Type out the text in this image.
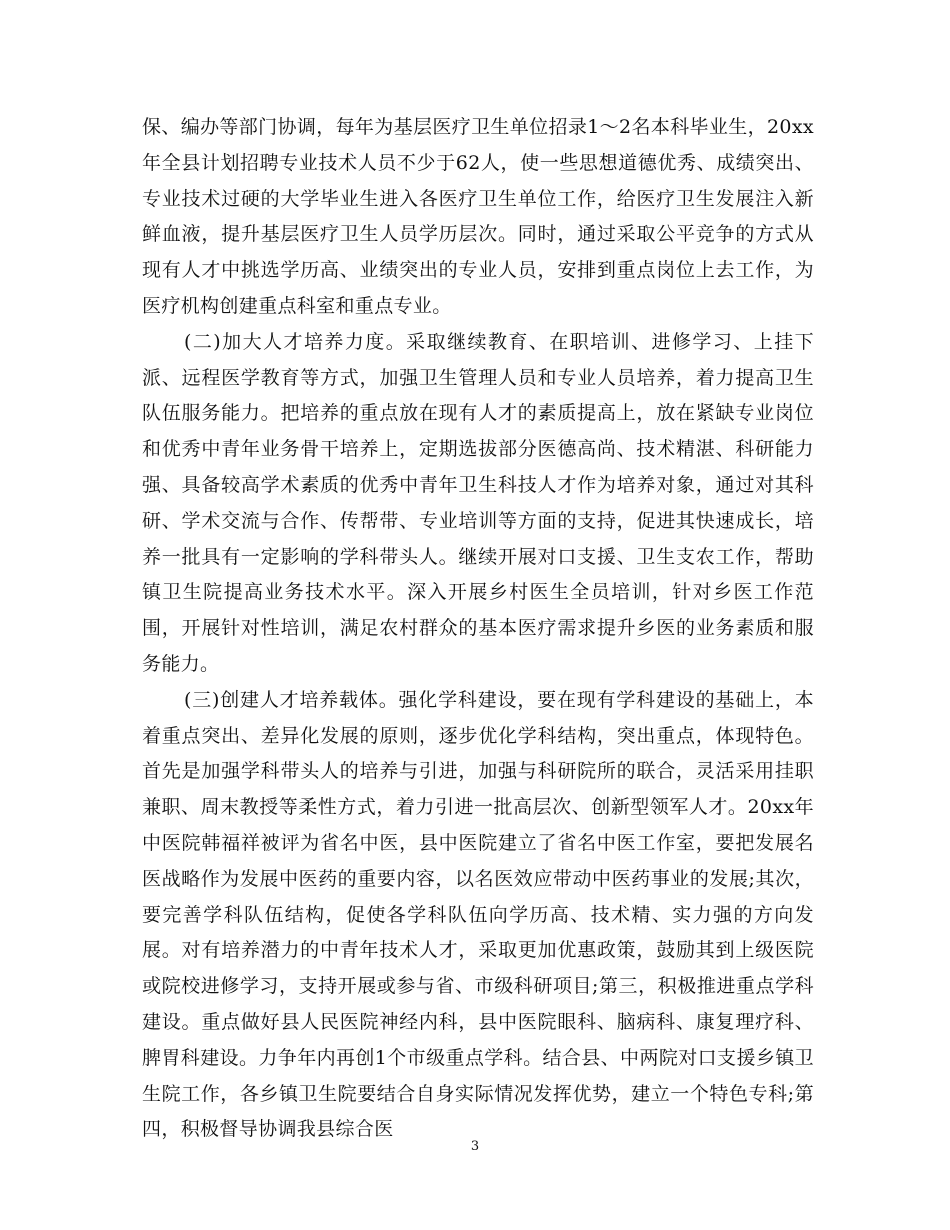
保、编办等部门协调，每年为基层医疗卫生单位招录1～2名本科毕业生，20xx年全县计划招聘专业技术人员不少于62人，使一些思想道德优秀、成绩突出、专业技术过硬的大学毕业生进入各医疗卫生单位工作，给医疗卫生发展注入新鲜血液，提升基层医疗卫生人员学历层次。同时，通过采取公平竞争的方式从现有人才中挑选学历高、业绩突出的专业人员，安排到重点岗位上去工作，为医疗机构创建重点科室和重点专业。

(二)加大人才培养力度。采取继续教育、在职培训、进修学习、上挂下派、远程医学教育等方式，加强卫生管理人员和专业人员培养，着力提高卫生队伍服务能力。把培养的重点放在现有人才的素质提高上，放在紧缺专业岗位和优秀中青年业务骨干培养上，定期选拔部分医德高尚、技术精湛、科研能力强、具备较高学术素质的优秀中青年卫生科技人才作为培养对象，通过对其科研、学术交流与合作、传帮带、专业培训等方面的支持，促进其快速成长，培养一批具有一定影响的学科带头人。继续开展对口支援、卫生支农工作，帮助镇卫生院提高业务技术水平。深入开展乡村医生全员培训，针对乡医工作范围，开展针对性培训，满足农村群众的基本医疗需求提升乡医的业务素质和服务能力。

(三)创建人才培养载体。强化学科建设，要在现有学科建设的基础上，本着重点突出、差异化发展的原则，逐步优化学科结构，突出重点，体现特色。首先是加强学科带头人的培养与引进，加强与科研院所的联合，灵活采用挂职兼职、周末教授等柔性方式，着力引进一批高层次、创新型领军人才。20xx年中医院韩福祥被评为省名中医，县中医院建立了省名中医工作室，要把发展名医战略作为发展中医药的重要内容，以名医效应带动中医药事业的发展;其次，要完善学科队伍结构，促使各学科队伍向学历高、技术精、实力强的方向发展。对有培养潜力的中青年技术人才，采取更加优惠政策，鼓励其到上级医院或院校进修学习，支持开展或参与省、市级科研项目;第三，积极推进重点学科建设。重点做好县人民医院神经内科，县中医院眼科、脑病科、康复理疗科、脾胃科建设。力争年内再创1个市级重点学科。结合县、中两院对口支援乡镇卫生院工作，各乡镇卫生院要结合自身实际情况发挥优势，建立一个特色专科;第四，积极督导协调我县综合医

3
